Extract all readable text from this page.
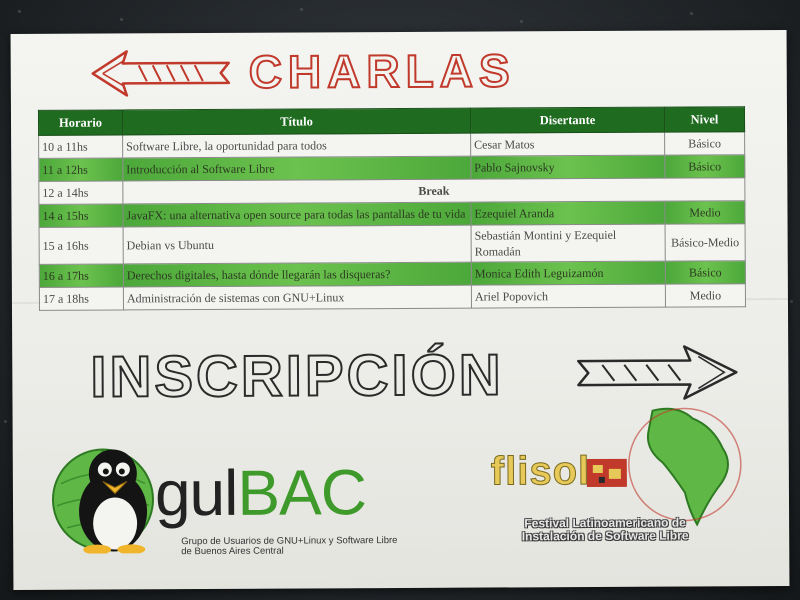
CHARLAS
Horario	Título	Disertante	Nivel
10 a 11hs	Software Libre, la oportunidad para todos	Cesar Matos	Básico
11 a 12hs	Introducción al Software Libre	Pablo Sajnovsky	Básico
12 a 14hs	Break		
14 a 15hs	JavaFX: una alternativa open source para todas las pantallas de tu vida	Ezequiel Aranda	Medio
15 a 16hs	Debian vs Ubuntu	Sebastián Montini y Ezequiel Romadán	Básico-Medio
16 a 17hs	Derechos digitales, hasta dónde llegarán las disqueras?	Monica Edith Leguizamón	Básico
17 a 18hs	Administración de sistemas con GNU+Linux	Ariel Popovich	Medio
INSCRIPCIÓN
gulBAC
Grupo de Usuarios de GNU+Linux y Software Libre
de Buenos Aires Central
flisol
Festival Latinoamericano de
Instalación de Software Libre
